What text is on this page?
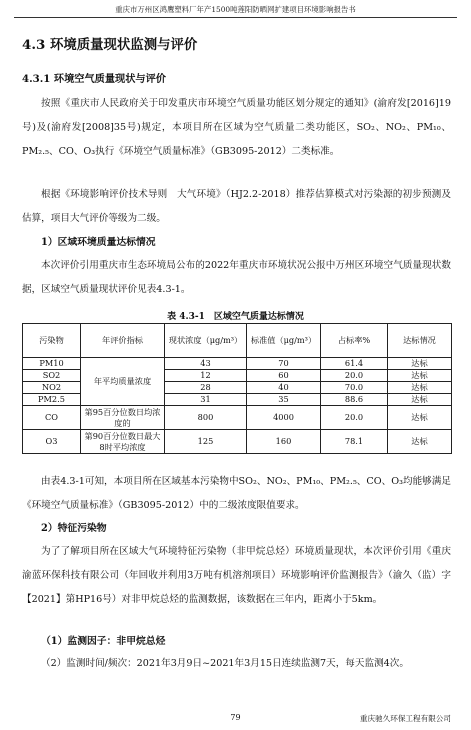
重庆市万州区鸿鹰塑料厂年产1500吨莲阳防晒网扩建项目环境影响报告书
4.3 环境质量现状监测与评价
4.3.1 环境空气质量现状与评价

按照《重庆市人民政府关于印发重庆市环境空气质量功能区划分规定的通知》(渝府发[2016]19号)及(渝府发[2008]35号)规定，本项目所在区域为空气质量二类功能区，SO₂、NO₂、PM₁₀、PM₂.₅、CO、O₃执行《环境空气质量标准》（GB3095-2012）二类标准。

根据《环境影响评价技术导则　大气环境》（HJ2.2-2018）推荐估算模式对污染源的初步预测及估算，项目大气评价等级为二级。

1）区域环境质量达标情况

本次评价引用重庆市生态环境局公布的2022年重庆市环境状况公报中万州区环境空气质量现状数据，区域空气质量现状评价见表4.3-1。

表 4.3-1　区域空气质量达标情况
污染物	年评价指标	现状浓度（μg/m³）	标准值（μg/m³）	占标率%	达标情况
PM10	年平均质量浓度	43	70	61.4	达标
SO2		12	60	20.0	达标
NO2		28	40	70.0	达标
PM2.5		31	35	88.6	达标
CO	第95百分位数日均浓度的	800	4000	20.0	达标
O3	第90百分位数日最大8时平均浓度	125	160	78.1	达标

由表4.3-1可知，本项目所在区域基本污染物中SO₂、NO₂、PM₁₀、PM₂.₅、CO、O₃均能够满足《环境空气质量标准》（GB3095-2012）中的二级浓度限值要求。

2）特征污染物

为了了解项目所在区域大气环境特征污染物（非甲烷总烃）环境质量现状，本次评价引用《重庆渝蓝环保科技有限公司（年回收并利用3万吨有机溶剂项目）环境影响评价监测报告》（渝久（监）字【2021】第HP16号）对非甲烷总烃的监测数据，该数据在三年内，距离小于5km。

（1）监测因子：非甲烷总烃

（2）监测时间/频次：2021年3月9日~2021年3月15日连续监测7天，每天监测4次。

79	重庆驰久环保工程有限公司
